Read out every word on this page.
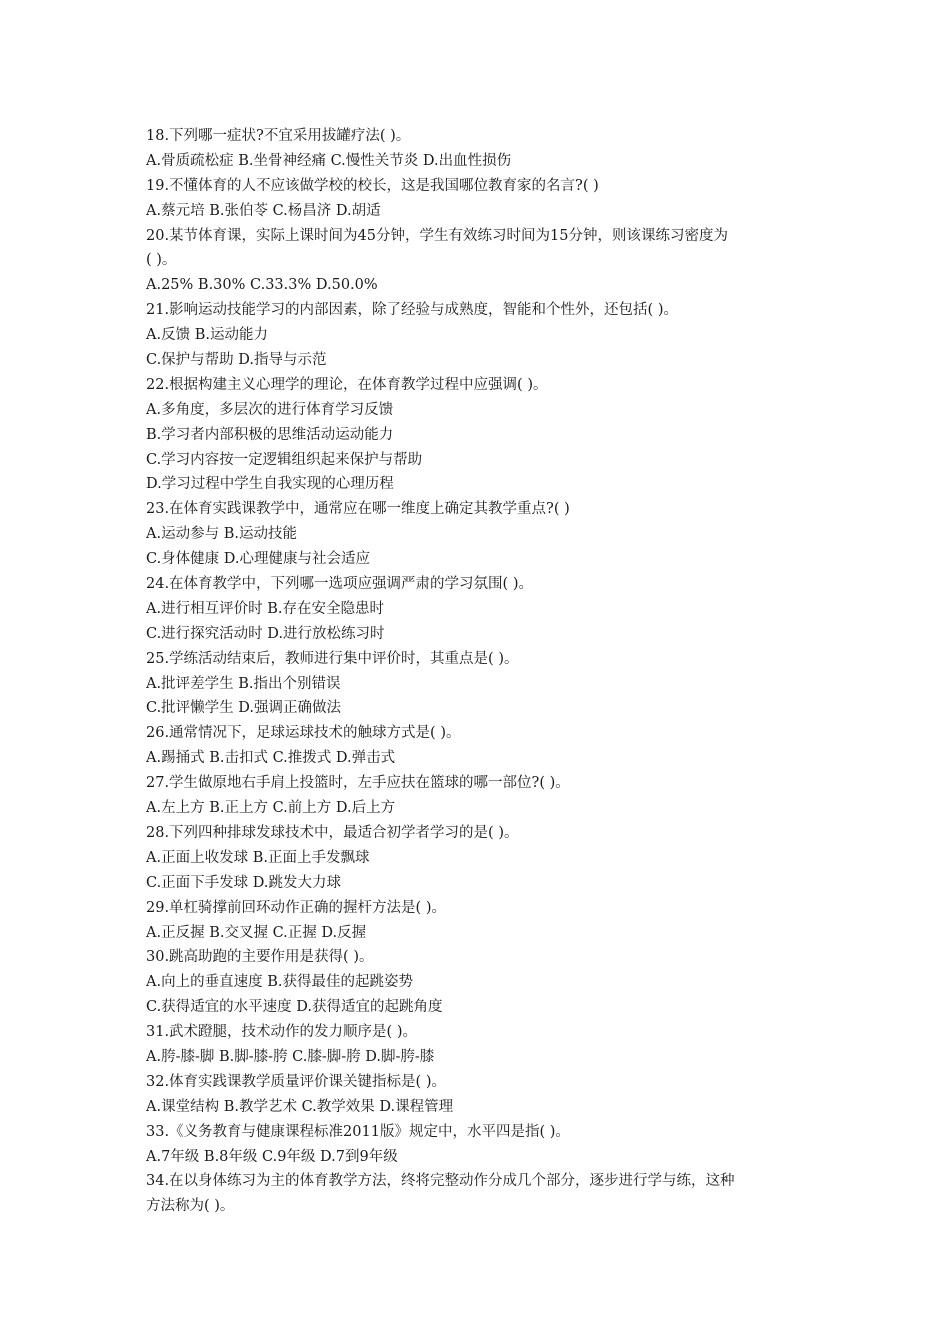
18.下列哪一症状?不宜采用拔罐疗法( )。
A.骨质疏松症 B.坐骨神经痛 C.慢性关节炎 D.出血性损伤
19.不懂体育的人不应该做学校的校长，这是我国哪位教育家的名言?( )
A.蔡元培 B.张伯苓 C.杨昌济 D.胡适
20.某节体育课，实际上课时间为45分钟，学生有效练习时间为15分钟，则该课练习密度为
( )。
A.25% B.30% C.33.3% D.50.0%
21.影响运动技能学习的内部因素，除了经验与成熟度，智能和个性外，还包括( )。
A.反馈 B.运动能力
C.保护与帮助 D.指导与示范
22.根据构建主义心理学的理论，在体育教学过程中应强调( )。
A.多角度，多层次的进行体育学习反馈
B.学习者内部积极的思维活动运动能力
C.学习内容按一定逻辑组织起来保护与帮助
D.学习过程中学生自我实现的心理历程
23.在体育实践课教学中，通常应在哪一维度上确定其教学重点?( )
A.运动参与 B.运动技能
C.身体健康 D.心理健康与社会适应
24.在体育教学中，下列哪一选项应强调严肃的学习氛围( )。
A.进行相互评价时 B.存在安全隐患时
C.进行探究活动时 D.进行放松练习时
25.学练活动结束后，教师进行集中评价时，其重点是( )。
A.批评差学生 B.指出个别错误
C.批评懒学生 D.强调正确做法
26.通常情况下，足球运球技术的触球方式是( )。
A.踢捅式 B.击扣式 C.推拨式 D.弹击式
27.学生做原地右手肩上投篮时，左手应扶在篮球的哪一部位?( )。
A.左上方 B.正上方 C.前上方 D.后上方
28.下列四种排球发球技术中，最适合初学者学习的是( )。
A.正面上收发球 B.正面上手发飘球
C.正面下手发球 D.跳发大力球
29.单杠骑撑前回环动作正确的握杆方法是( )。
A.正反握 B.交叉握 C.正握 D.反握
30.跳高助跑的主要作用是获得( )。
A.向上的垂直速度 B.获得最佳的起跳姿势
C.获得适宜的水平速度 D.获得适宜的起跳角度
31.武术蹬腿，技术动作的发力顺序是( )。
A.胯-膝-脚 B.脚-膝-胯 C.膝-脚-胯 D.脚-胯-膝
32.体育实践课教学质量评价课关键指标是( )。
A.课堂结构 B.教学艺术 C.教学效果 D.课程管理
33.《义务教育与健康课程标准2011版》规定中，水平四是指( )。
A.7年级 B.8年级 C.9年级 D.7到9年级
34.在以身体练习为主的体育教学方法，终将完整动作分成几个部分，逐步进行学与练，这种
方法称为( )。
